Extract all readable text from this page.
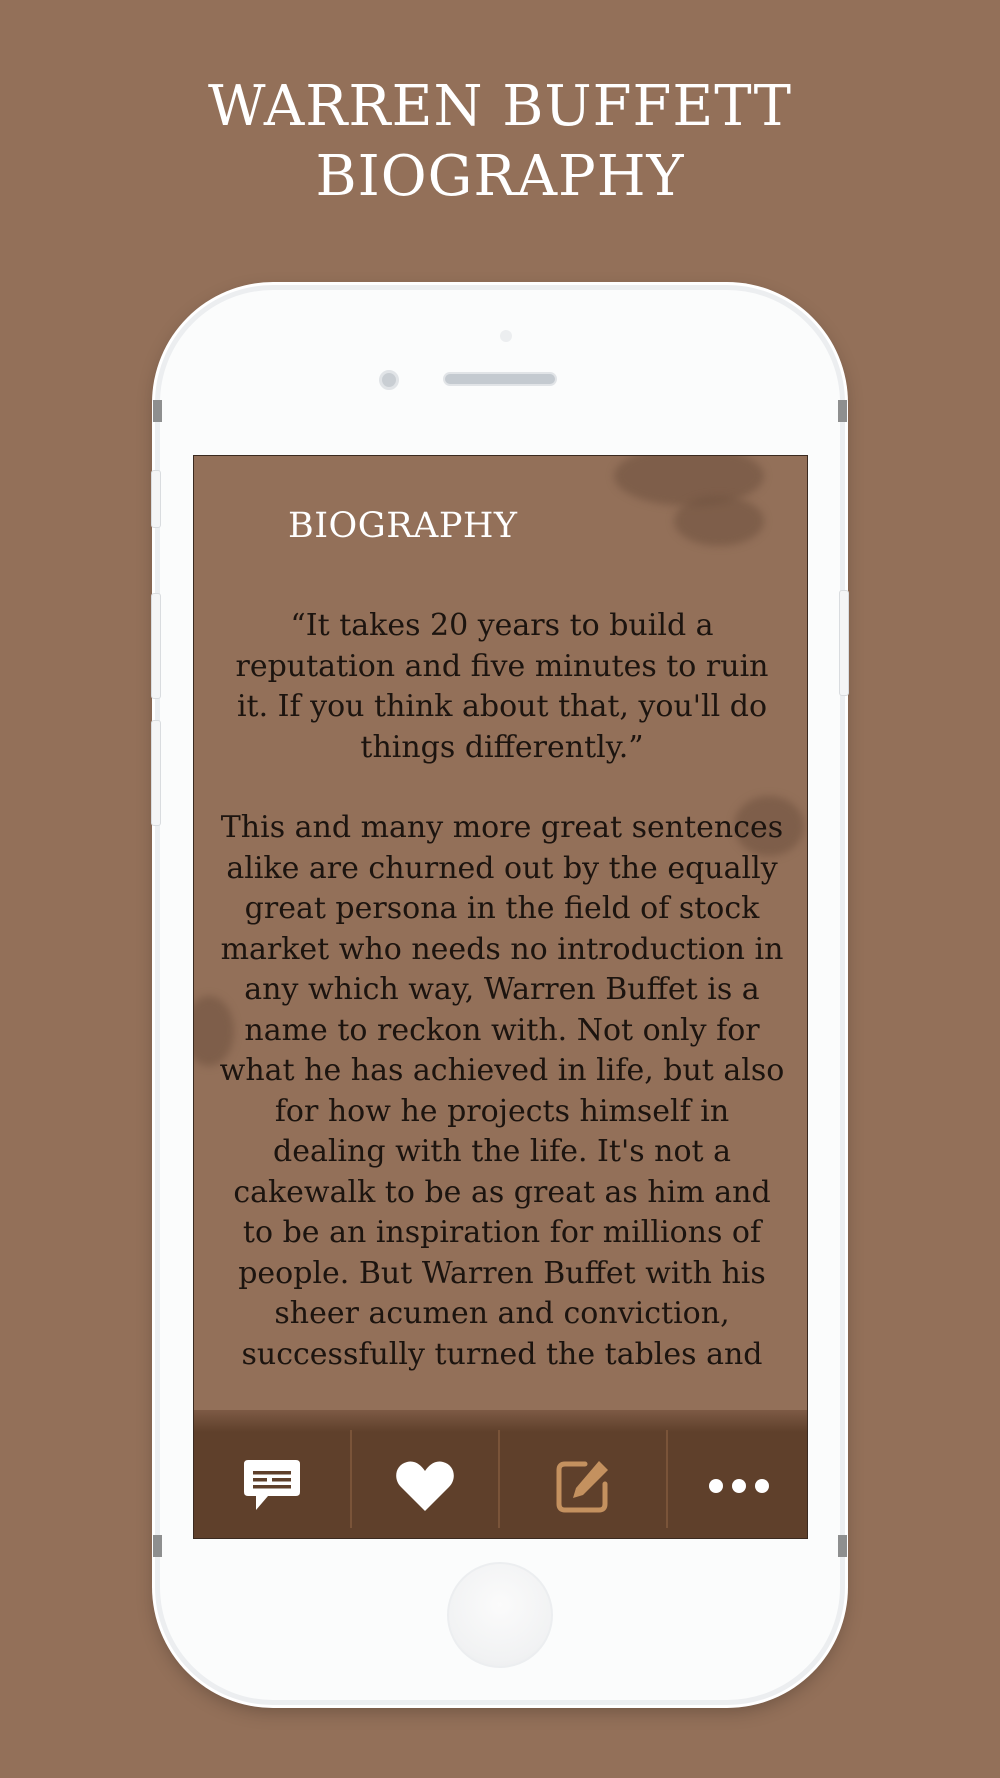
WARREN BUFFETT
BIOGRAPHY
BIOGRAPHY

“It takes 20 years to build a reputation and five minutes to ruin it. If you think about that, you'll do things differently.”

This and many more great sentences alike are churned out by the equally great persona in the field of stock market who needs no introduction in any which way, Warren Buffet is a name to reckon with. Not only for what he has achieved in life, but also for how he projects himself in dealing with the life. It's not a cakewalk to be as great as him and to be an inspiration for millions of people. But Warren Buffet with his sheer acumen and conviction, successfully turned the tables and
